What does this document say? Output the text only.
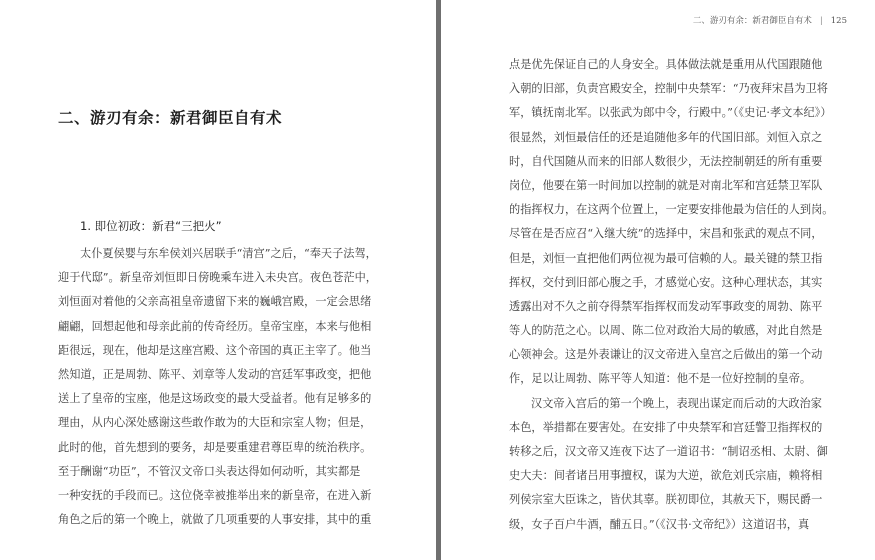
二、游刃有余：新君御臣自有术
1. 即位初政：新君“三把火”
太仆夏侯婴与东牟侯刘兴居联手“清宫”之后，“奉天子法驾，
迎于代邸”。新皇帝刘恒即日傍晚乘车进入未央宫。夜色苍茫中，
刘恒面对着他的父亲高祖皇帝遗留下来的巍峨宫殿，一定会思绪
翩翩，回想起他和母亲此前的传奇经历。皇帝宝座，本来与他相
距很远，现在，他却是这座宫殿、这个帝国的真正主宰了。他当
然知道，正是周勃、陈平、刘章等人发动的宫廷军事政变，把他
送上了皇帝的宝座，他是这场政变的最大受益者。他有足够多的
理由，从内心深处感谢这些敢作敢为的大臣和宗室人物；但是，
此时的他，首先想到的要务，却是要重建君尊臣卑的统治秩序。
至于酬谢“功臣”，不管汉文帝口头表达得如何动听，其实都是
一种安抚的手段而已。这位侥幸被推举出来的新皇帝，在进入新
角色之后的第一个晚上，就做了几项重要的人事安排，其中的重
二、游刃有余：新君御臣自有术 | 125
点是优先保证自己的人身安全。具体做法就是重用从代国跟随他
入朝的旧部，负责宫殿安全，控制中央禁军：“乃夜拜宋昌为卫将
军，镇抚南北军。以张武为郎中令，行殿中。”（《史记·孝文本纪》）
很显然，刘恒最信任的还是追随他多年的代国旧部。刘恒入京之
时，自代国随从而来的旧部人数很少，无法控制朝廷的所有重要
岗位，他要在第一时间加以控制的就是对南北军和宫廷禁卫军队
的指挥权力，在这两个位置上，一定要安排他最为信任的人到岗。
尽管在是否应召“入继大统”的选择中，宋昌和张武的观点不同，
但是，刘恒一直把他们两位视为最可信赖的人。最关键的禁卫指
挥权，交付到旧部心腹之手，才感觉心安。这种心理状态，其实
透露出对不久之前夺得禁军指挥权而发动军事政变的周勃、陈平
等人的防范之心。以周、陈二位对政治大局的敏感，对此自然是
心领神会。这是外表谦让的汉文帝进入皇宫之后做出的第一个动
作，足以让周勃、陈平等人知道：他不是一位好控制的皇帝。
汉文帝入宫后的第一个晚上，表现出谋定而后动的大政治家
本色，举措都在要害处。在安排了中央禁军和宫廷警卫指挥权的
转移之后，汉文帝又连夜下达了一道诏书：“制诏丞相、太尉、御
史大夫：间者诸吕用事擅权，谋为大逆，欲危刘氏宗庙，赖将相
列侯宗室大臣诛之，皆伏其辜。朕初即位，其赦天下，赐民爵一
级，女子百户牛酒，酺五日。”（《汉书·文帝纪》）这道诏书，真
